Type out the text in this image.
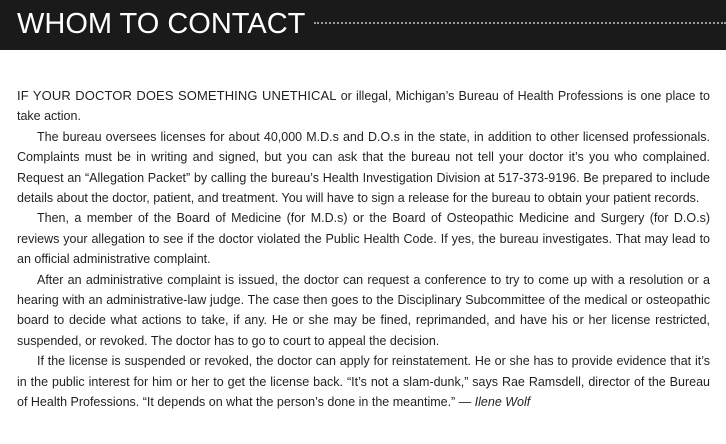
WHOM TO CONTACT

IF YOUR DOCTOR DOES SOMETHING UNETHICAL or illegal, Michigan’s Bureau of Health Professions is one place to take action.

The bureau oversees licenses for about 40,000 M.D.s and D.O.s in the state, in addition to other licensed professionals. Complaints must be in writing and signed, but you can ask that the bureau not tell your doctor it’s you who complained. Request an “Allegation Packet” by calling the bureau’s Health Investigation Division at 517-373-9196. Be prepared to include details about the doctor, patient, and treatment. You will have to sign a release for the bureau to obtain your patient records.

Then, a member of the Board of Medicine (for M.D.s) or the Board of Osteopathic Medicine and Surgery (for D.O.s) reviews your allegation to see if the doctor violated the Public Health Code. If yes, the bureau investigates. That may lead to an official administrative complaint.

After an administrative complaint is issued, the doctor can request a conference to try to come up with a resolution or a hearing with an administrative-law judge. The case then goes to the Disciplinary Subcommittee of the medical or osteopathic board to decide what actions to take, if any. He or she may be fined, reprimanded, and have his or her license restricted, suspended, or revoked. The doctor has to go to court to appeal the decision.

If the license is suspended or revoked, the doctor can apply for reinstatement. He or she has to provide evidence that it’s in the public interest for him or her to get the license back. “It’s not a slam-dunk,” says Rae Ramsdell, director of the Bureau of Health Professions. “It depends on what the person’s done in the meantime.” — Ilene Wolf
